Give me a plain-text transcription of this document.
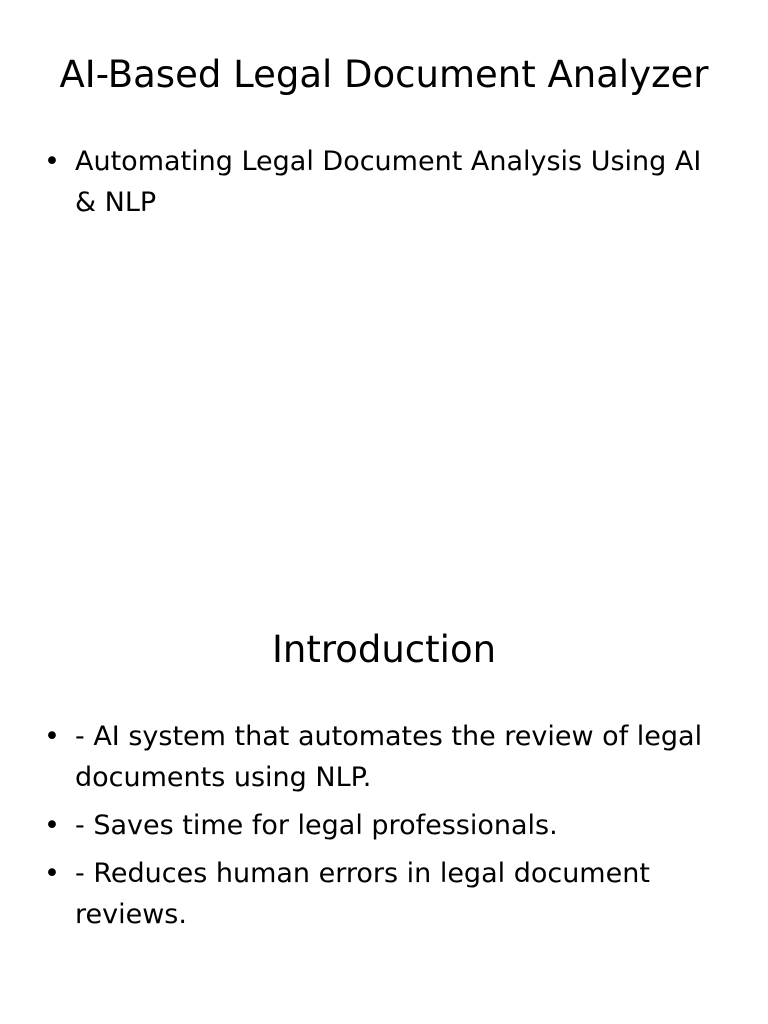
AI-Based Legal Document Analyzer
• Automating Legal Document Analysis Using AI & NLP
Introduction
• - AI system that automates the review of legal documents using NLP.
• - Saves time for legal professionals.
• - Reduces human errors in legal document reviews.
